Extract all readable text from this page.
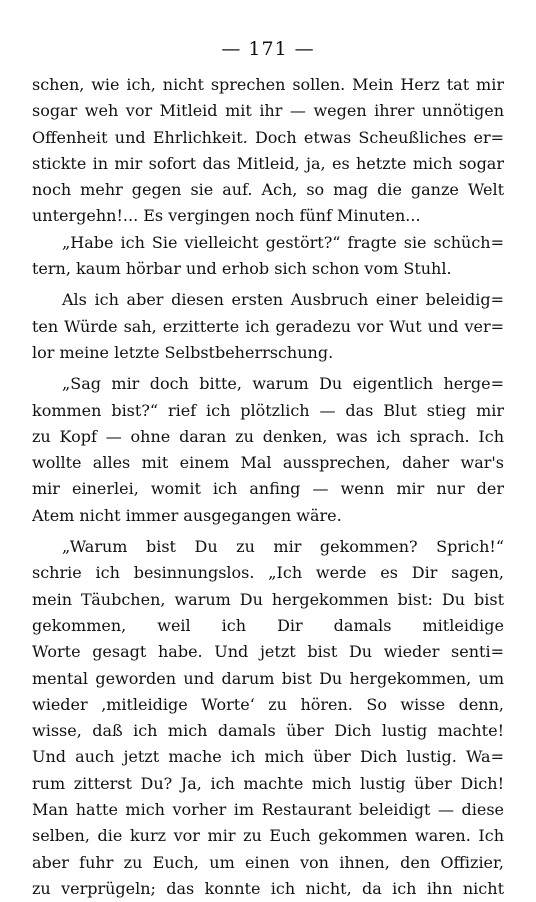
— 171 —
schen, wie ich, nicht sprechen sollen. Mein Herz tat mir
sogar weh vor Mitleid mit ihr — wegen ihrer unnötigen
Offenheit und Ehrlichkeit. Doch etwas Scheußliches er=
stickte in mir sofort das Mitleid, ja, es hetzte mich sogar
noch mehr gegen sie auf. Ach, so mag die ganze Welt
untergehn!... Es vergingen noch fünf Minuten...
„Habe ich Sie vielleicht gestört?“ fragte sie schüch=
tern, kaum hörbar und erhob sich schon vom Stuhl.
Als ich aber diesen ersten Ausbruch einer beleidig=
ten Würde sah, erzitterte ich geradezu vor Wut und ver=
lor meine letzte Selbstbeherrschung.
„Sag mir doch bitte, warum Du eigentlich herge=
kommen bist?“ rief ich plötzlich — das Blut stieg mir
zu Kopf — ohne daran zu denken, was ich sprach. Ich
wollte alles mit einem Mal aussprechen, daher war's
mir einerlei, womit ich anfing — wenn mir nur der
Atem nicht immer ausgegangen wäre.
„Warum bist Du zu mir gekommen? Sprich!“
schrie ich besinnungslos. „Ich werde es Dir sagen,
mein Täubchen, warum Du hergekommen bist: Du bist
gekommen, weil ich Dir damals mitleidige
Worte gesagt habe. Und jetzt bist Du wieder senti=
mental geworden und darum bist Du hergekommen, um
wieder ‚mitleidige Worte‘ zu hören. So wisse denn,
wisse, daß ich mich damals über Dich lustig machte!
Und auch jetzt mache ich mich über Dich lustig. Wa=
rum zitterst Du? Ja, ich machte mich lustig über Dich!
Man hatte mich vorher im Restaurant beleidigt — diese
selben, die kurz vor mir zu Euch gekommen waren. Ich
aber fuhr zu Euch, um einen von ihnen, den Offizier,
zu verprügeln; das konnte ich nicht, da ich ihn nicht
